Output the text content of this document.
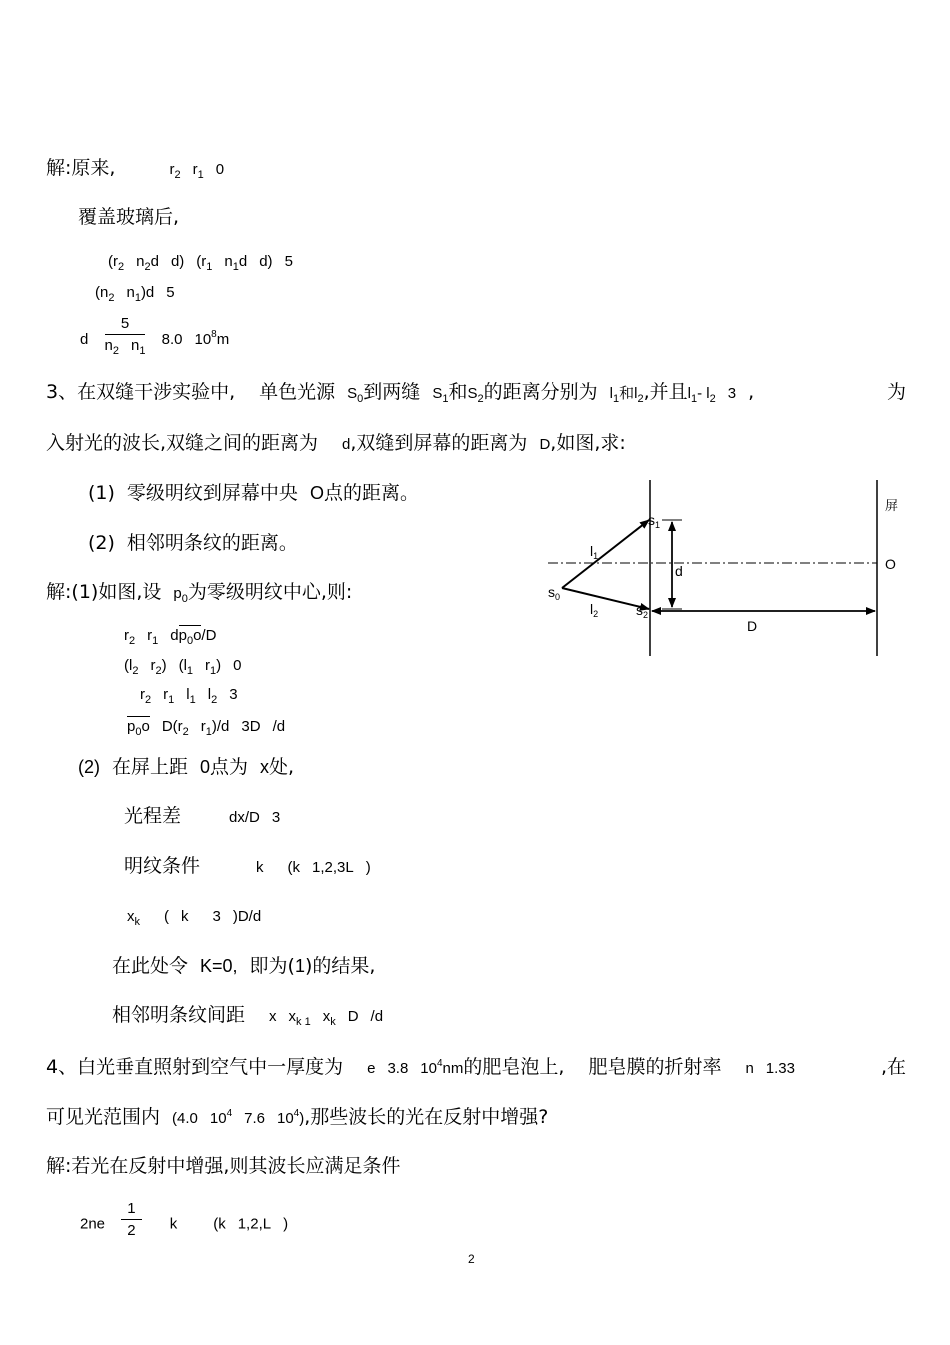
解:原来,	$r_2$ $r_1$ 0
覆盖玻璃后,
($r_2$ $n_2d$ d) ($r_1$ $n_1d$ d) 5
($n_2$ $n_1)d$ 5
d $\frac{5}{n_2 n_1} 8.0$ $10^8m$
3、在双缝干涉实验中, 单色光源 $S_0$到两缝 $S_1$和$S_2$的距离分别为 $l_1$和$l_2$,并且$l_1-$ $l_2$ 3 ,	为
入射光的波长,双缝之间的距离为 d,双缝到屏幕的距离为 D,如图,求:
(1) 零级明纹到屏幕中央 O点的距离。
(2) 相邻明条纹的距离。
解:(1)如图,设 $p_0$为零级明纹中心,则:
$r_2$ $r_1$ $dp_0o/D$
($l_2$ $r_2$) ($l_1$ $r_1$) 0
$r_2$ $r_1$ $l_1$ $l_2$ 3
$p_0o$ $D(r_2$ $r_1)/d$ 3D /d
(2) 在屏上距 0点为 x处,
光程差	dx/D 3
明纹条件	k (k 1,2,3L )
$x_k$ ( k 3 )D/d
在此处令 K=0, 即为(1)的结果,
相邻明条纹间距 x $x_{k 1}$ $x_k$ D /d
4、白光垂直照射到空气中一厚度为 e 3.8 $10^4nm$的肥皂泡上, 肥皂膜的折射率 n 1.33	,在
可见光范围内 (4.0 $10^4$ 7.6 $10^4$),那些波长的光在反射中增强?
解:若光在反射中增强,则其波长应满足条件
$2ne \frac{1}{2}$ k (k 1,2,L )
屏
$s_1$
$l_1$
d	O
$s_0$
$l_2$	$s_2$
D
2
